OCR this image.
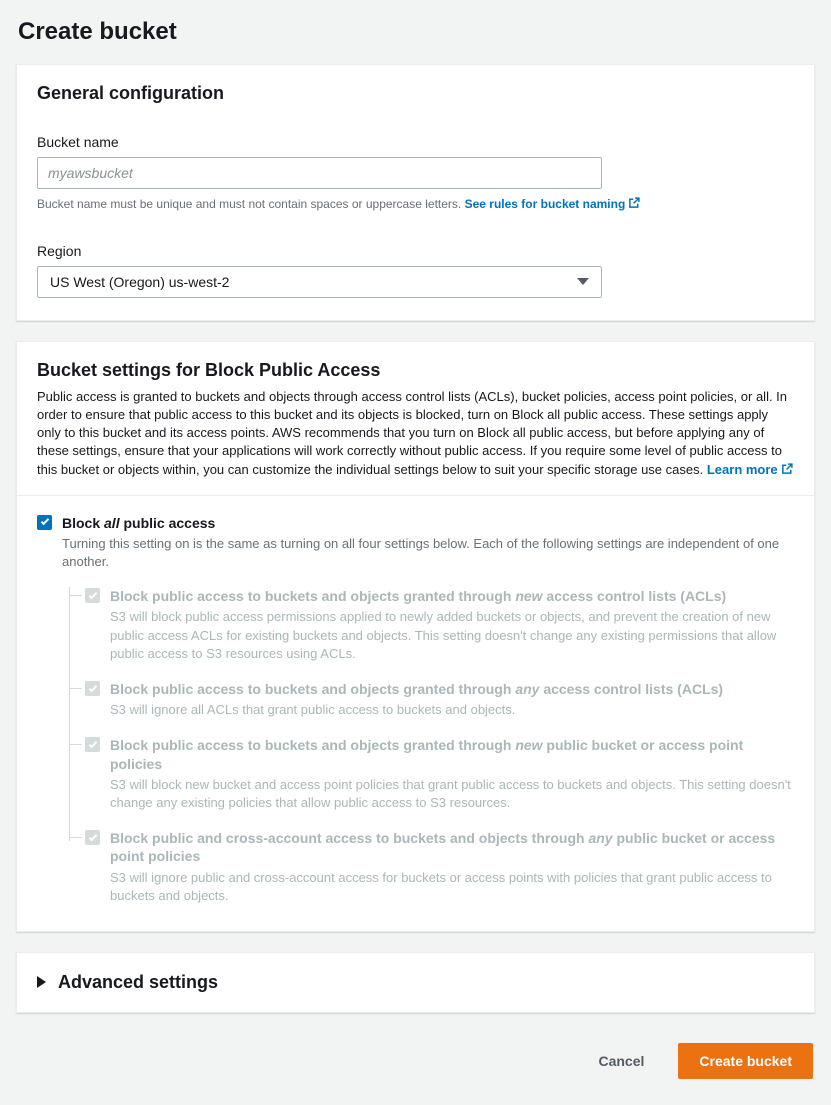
Create bucket
General configuration
Bucket name
myawsbucket
Bucket name must be unique and must not contain spaces or uppercase letters. See rules for bucket naming
Region
US West (Oregon) us-west-2
Bucket settings for Block Public Access
Public access is granted to buckets and objects through access control lists (ACLs), bucket policies, access point policies, or all. In order to ensure that public access to this bucket and its objects is blocked, turn on Block all public access. These settings apply only to this bucket and its access points. AWS recommends that you turn on Block all public access, but before applying any of these settings, ensure that your applications will work correctly without public access. If you require some level of public access to this bucket or objects within, you can customize the individual settings below to suit your specific storage use cases. Learn more
Block all public access
Turning this setting on is the same as turning on all four settings below. Each of the following settings are independent of one another.
Block public access to buckets and objects granted through new access control lists (ACLs)
S3 will block public access permissions applied to newly added buckets or objects, and prevent the creation of new public access ACLs for existing buckets and objects. This setting doesn't change any existing permissions that allow public access to S3 resources using ACLs.
Block public access to buckets and objects granted through any access control lists (ACLs)
S3 will ignore all ACLs that grant public access to buckets and objects.
Block public access to buckets and objects granted through new public bucket or access point policies
S3 will block new bucket and access point policies that grant public access to buckets and objects. This setting doesn't change any existing policies that allow public access to S3 resources.
Block public and cross-account access to buckets and objects through any public bucket or access point policies
S3 will ignore public and cross-account access for buckets or access points with policies that grant public access to buckets and objects.
Advanced settings
Cancel	Create bucket
